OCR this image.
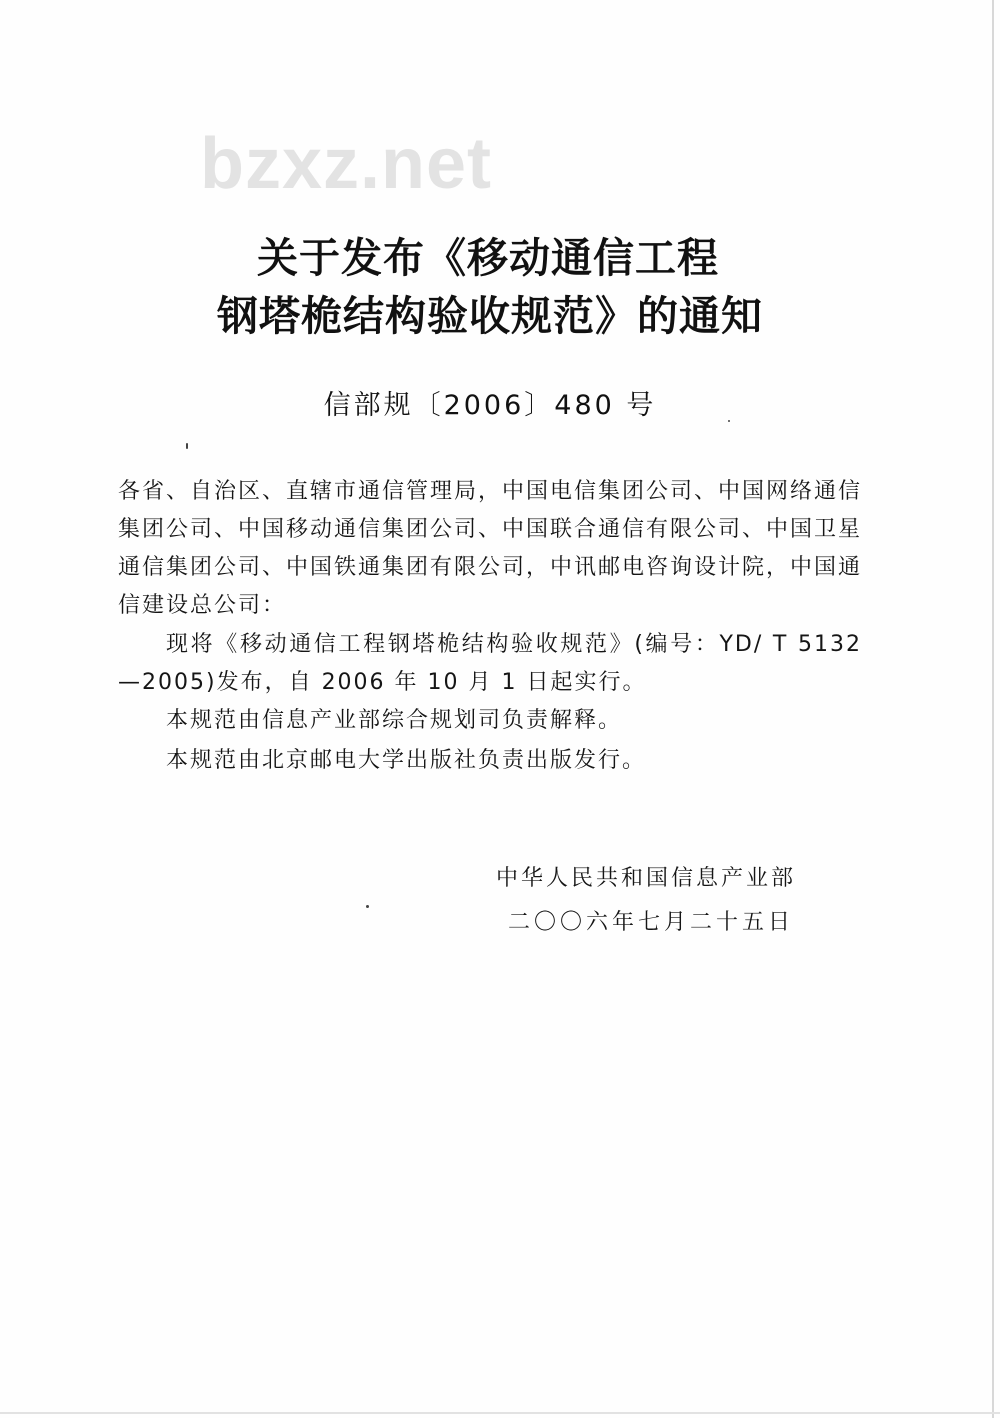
bzxz.net
关于发布《移动通信工程
钢塔桅结构验收规范》的通知
信部规〔2006〕480 号
各省、自治区、直辖市通信管理局，中国电信集团公司、中国网络通信集团公司、中国移动通信集团公司、中国联合通信有限公司、中国卫星通信集团公司、中国铁通集团有限公司，中讯邮电咨询设计院，中国通信建设总公司：
现将《移动通信工程钢塔桅结构验收规范》(编号：YD/ T 5132—2005)发布，自 2006 年 10 月 1 日起实行。
本规范由信息产业部综合规划司负责解释。
本规范由北京邮电大学出版社负责出版发行。
中华人民共和国信息产业部
二〇〇六年七月二十五日
